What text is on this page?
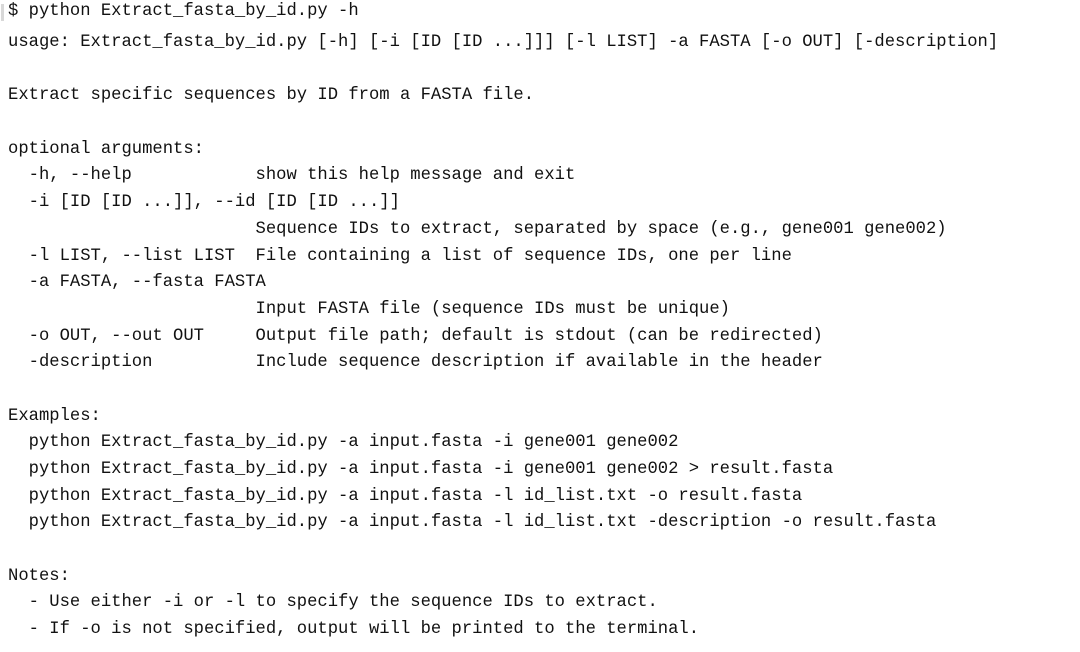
$ python Extract_fasta_by_id.py -h
usage: Extract_fasta_by_id.py [-h] [-i [ID [ID ...]]] [-l LIST] -a FASTA [-o OUT] [-description]
Extract specific sequences by ID from a FASTA file.
optional arguments:
-h, --help            show this help message and exit
-i [ID [ID ...]], --id [ID [ID ...]]
Sequence IDs to extract, separated by space (e.g., gene001 gene002)
-l LIST, --list LIST  File containing a list of sequence IDs, one per line
-a FASTA, --fasta FASTA
Input FASTA file (sequence IDs must be unique)
-o OUT, --out OUT     Output file path; default is stdout (can be redirected)
-description          Include sequence description if available in the header
Examples:
python Extract_fasta_by_id.py -a input.fasta -i gene001 gene002
python Extract_fasta_by_id.py -a input.fasta -i gene001 gene002 > result.fasta
python Extract_fasta_by_id.py -a input.fasta -l id_list.txt -o result.fasta
python Extract_fasta_by_id.py -a input.fasta -l id_list.txt -description -o result.fasta
Notes:
- Use either -i or -l to specify the sequence IDs to extract.
- If -o is not specified, output will be printed to the terminal.
